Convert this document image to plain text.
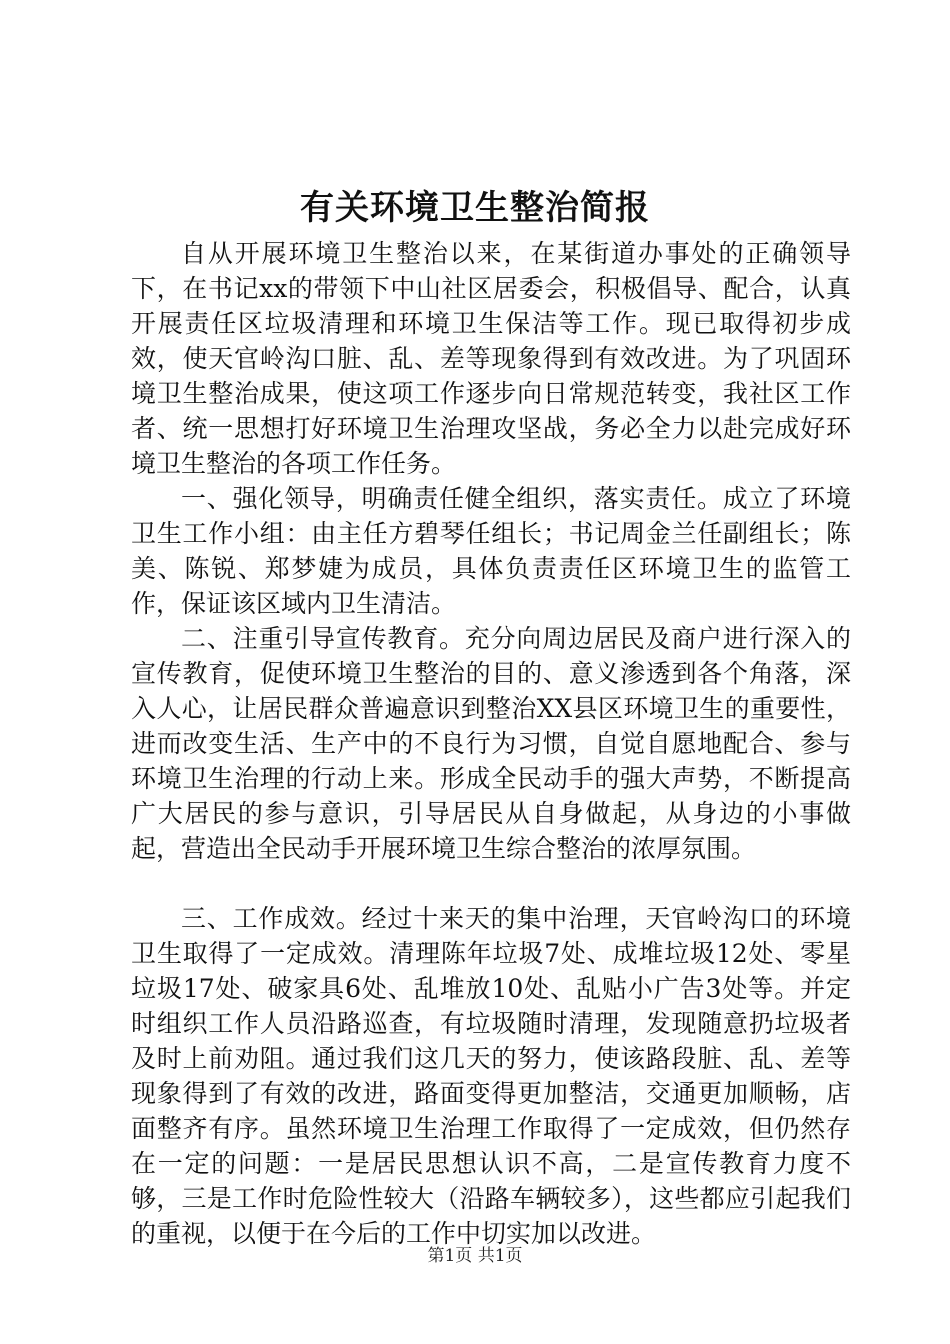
有关环境卫生整治简报

自从开展环境卫生整治以来，在某街道办事处的正确领导下，在书记xx的带领下中山社区居委会，积极倡导、配合，认真开展责任区垃圾清理和环境卫生保洁等工作。现已取得初步成效，使天官岭沟口脏、乱、差等现象得到有效改进。为了巩固环境卫生整治成果，使这项工作逐步向日常规范转变，我社区工作者、统一思想打好环境卫生治理攻坚战，务必全力以赴完成好环境卫生整治的各项工作任务。

一、强化领导，明确责任健全组织，落实责任。成立了环境卫生工作小组：由主任方碧琴任组长；书记周金兰任副组长；陈美、陈锐、郑梦婕为成员，具体负责责任区环境卫生的监管工作，保证该区域内卫生清洁。

二、注重引导宣传教育。充分向周边居民及商户进行深入的宣传教育，促使环境卫生整治的目的、意义渗透到各个角落，深入人心，让居民群众普遍意识到整治XX县区环境卫生的重要性，进而改变生活、生产中的不良行为习惯，自觉自愿地配合、参与环境卫生治理的行动上来。形成全民动手的强大声势，不断提高广大居民的参与意识，引导居民从自身做起，从身边的小事做起，营造出全民动手开展环境卫生综合整治的浓厚氛围。

三、工作成效。经过十来天的集中治理，天官岭沟口的环境卫生取得了一定成效。清理陈年垃圾7处、成堆垃圾12处、零星垃圾17处、破家具6处、乱堆放10处、乱贴小广告3处等。并定时组织工作人员沿路巡查，有垃圾随时清理，发现随意扔垃圾者及时上前劝阻。通过我们这几天的努力，使该路段脏、乱、差等现象得到了有效的改进，路面变得更加整洁，交通更加顺畅，店面整齐有序。虽然环境卫生治理工作取得了一定成效，但仍然存在一定的问题：一是居民思想认识不高，二是宣传教育力度不够，三是工作时危险性较大（沿路车辆较多），这些都应引起我们的重视，以便于在今后的工作中切实加以改进。

第1页 共1页
